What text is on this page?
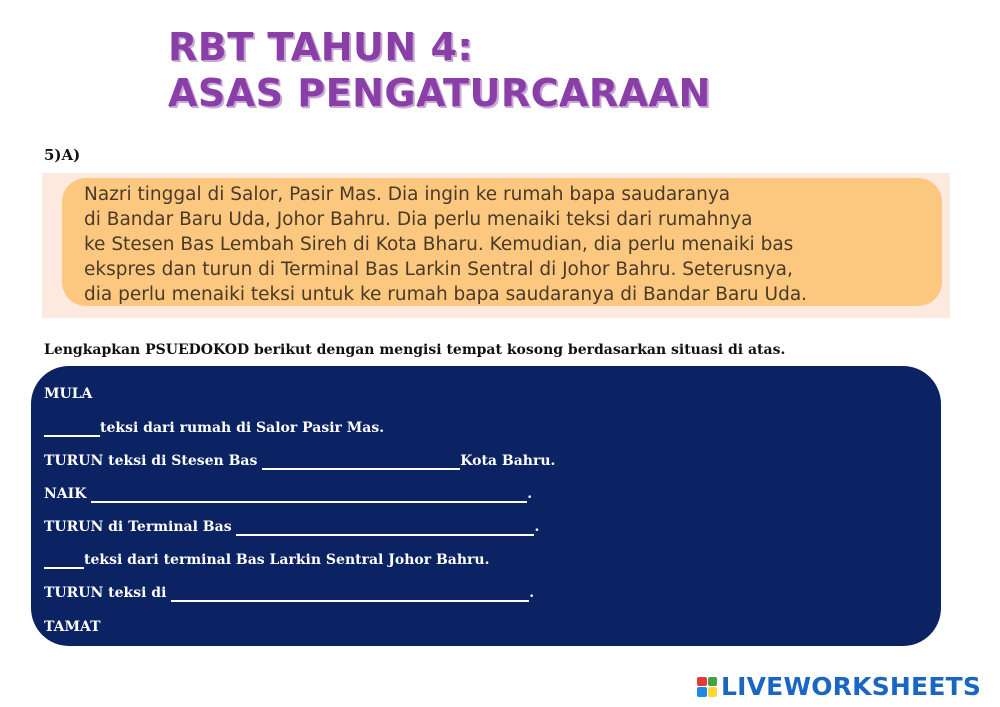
RBT TAHUN 4:
ASAS PENGATURCARAAN
5)A)
Nazri tinggal di Salor, Pasir Mas. Dia ingin ke rumah bapa saudaranya
di Bandar Baru Uda, Johor Bahru. Dia perlu menaiki teksi dari rumahnya
ke Stesen Bas Lembah Sireh di Kota Bharu. Kemudian, dia perlu menaiki bas
ekspres dan turun di Terminal Bas Larkin Sentral di Johor Bahru. Seterusnya,
dia perlu menaiki teksi untuk ke rumah bapa saudaranya di Bandar Baru Uda.
Lengkapkan PSUEDOKOD berikut dengan mengisi tempat kosong berdasarkan situasi di atas.
MULA
teksi dari rumah di Salor Pasir Mas.
TURUN teksi di Stesen Bas	Kota Bahru.
NAIK	.
TURUN di Terminal Bas	.
teksi dari terminal Bas Larkin Sentral Johor Bahru.
TURUN teksi di	.
TAMAT
LIVEWORKSHEETS
